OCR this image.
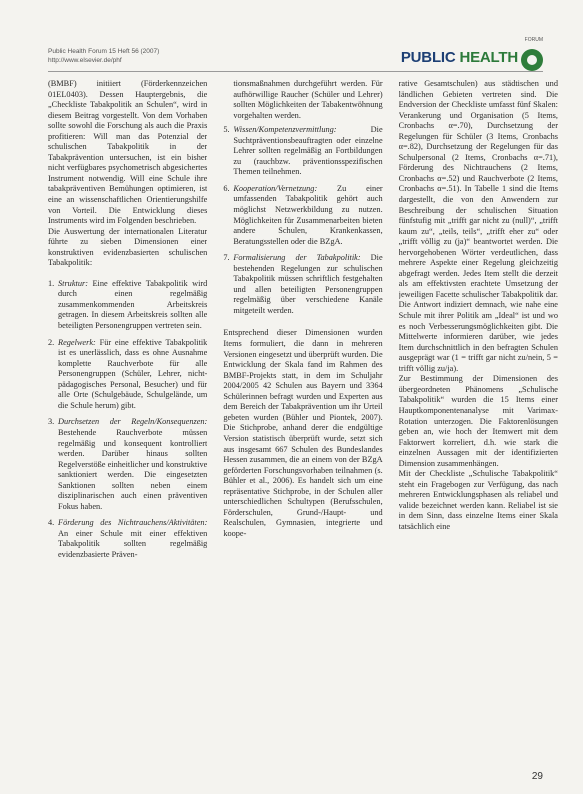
Public Health Forum 15 Heft 56 (2007)
http://www.elsevier.de/phf	PUBLIC HEALTH
FORUM

(BMBF) initiiert (Förderkennzeichen 01EL0403). Dessen Hauptergebnis, die „Checkliste Tabakpolitik an Schulen“, wird in diesem Beitrag vorgestellt. Von dem Vorhaben sollte sowohl die Forschung als auch die Praxis profitieren: Will man das Potenzial der schulischen Tabakpolitik in der Tabakprävention untersuchen, ist ein bisher nicht verfügbares psychometrisch abgesichertes Instrument notwendig. Will eine Schule ihre tabakpräventiven Bemühungen optimieren, ist eine an wissenschaftlichen Orientierungshilfe von Vorteil. Die Entwicklung dieses Instruments wird im Folgenden beschrieben.

Die Auswertung der internationalen Literatur führte zu sieben Dimensionen einer konstruktiven evidenzbasierten schulischen Tabakpolitik:

1. Struktur: Eine effektive Tabakpolitik wird durch einen regelmäßig zusammenkommenden Arbeitskreis getragen. In diesem Arbeitskreis sollten alle beteiligten Personengruppen vertreten sein.
2. Regelwerk: Für eine effektive Tabakpolitik ist es unerlässlich, dass es ohne Ausnahme komplette Rauchverbote für alle Personengruppen (Schüler, Lehrer, nicht-pädagogisches Personal, Besucher) und für alle Orte (Schulgebäude, Schulgelände, um die Schule herum) gibt.
3. Durchsetzen der Regeln/Konsequenzen: Bestehende Rauchverbote müssen regelmäßig und konsequent kontrolliert werden. Darüber hinaus sollten Regelverstöße einheitlicher und konstruktive sanktioniert werden. Die eingesetzten Sanktionen sollten neben einem disziplinarischen auch einen präventiven Fokus haben.
4. Förderung des Nichtrauchens/Aktivitäten: An einer Schule mit einer effektiven Tabakpolitik sollten regelmäßig evidenzbasierte Präven-

tionsmaßnahmen durchgeführt werden. Für aufhörwillige Raucher (Schüler und Lehrer) sollten Möglichkeiten der Tabakentwöhnung vorgehalten werden.

5. Wissen/Kompetenzvermittlung: Die Suchtpräventionsbeauftragten oder einzelne Lehrer sollten regelmäßig an Fortbildungen zu (rauchbzw. präventionsspezifischen Themen teilnehmen.
6. Kooperation/Vernetzung: Zu einer umfassenden Tabakpolitik gehört auch möglichst Netzwerkbildung zu nutzen. Möglichkeiten für Zusammenarbeiten bieten andere Schulen, Krankenkassen, Beratungsstellen oder die BZgA.
7. Formalisierung der Tabakpolitik: Die bestehenden Regelungen zur schulischen Tabakpolitik müssen schriftlich festgehalten und allen beteiligten Personengruppen regelmäßig über verschiedene Kanäle mitgeteilt werden.

Entsprechend dieser Dimensionen wurden Items formuliert, die dann in mehreren Versionen eingesetzt und überprüft wurden. Die Entwicklung der Skala fand im Rahmen des BMBF-Projekts statt, in dem im Schuljahr 2004/2005 42 Schulen aus Bayern und 3364 Schülerinnen befragt wurden und Experten aus dem Bereich der Tabakprävention um ihr Urteil gebeten wurden (Bühler und Piontek, 2007). Die Stichprobe, anhand derer die endgültige Version statistisch überprüft wurde, setzt sich aus insgesamt 667 Schulen des Bundeslandes Hessen zusammen, die an einem von der BZgA geförderten Forschungsvorhaben teilnahmen (s. Bühler et al., 2006). Es handelt sich um eine repräsentative Stichprobe, in der Schulen aller unterschiedlichen Schultypen (Berufsschulen, Förderschulen, Grund-/Haupt- und Realschulen, Gymnasien, integrierte und koope-

rative Gesamtschulen) aus städtischen und ländlichen Gebieten vertreten sind. Die Endversion der Checkliste umfasst fünf Skalen: Verankerung und Organisation (5 Items, Cronbachs α=.70), Durchsetzung der Regelungen für Schüler (3 Items, Cronbachs α=.82), Durchsetzung der Regelungen für das Schulpersonal (2 Items, Cronbachs α=.71), Förderung des Nichtrauchens (2 Items, Cronbachs α=.52) und Rauchverbote (2 Items, Cronbachs α=.51). In Tabelle 1 sind die Items dargestellt, die von den Anwendern zur Beschreibung der schulischen Situation fünfstufig mit „trifft gar nicht zu (null)“, „trifft kaum zu“, „teils, teils“, „trifft eher zu“ oder „trifft völlig zu (ja)“ beantwortet werden. Die hervorgehobenen Wörter verdeutlichen, dass mehrere Aspekte einer Regelung gleichzeitig abgefragt werden. Jedes Item stellt die derzeit als am effektivsten erachtete Umsetzung der jeweiligen Facette schulischer Tabakpolitik dar. Die Antwort indiziert demnach, wie nahe eine Schule mit ihrer Politik am „Ideal“ ist und wo es noch Verbesserungsmöglichkeiten gibt. Die Mittelwerte informieren darüber, wie jedes Item durchschnittlich in den befragten Schulen ausgeprägt war (1 = trifft gar nicht zu/nein, 5 = trifft völlig zu/ja).

Zur Bestimmung der Dimensionen des übergeordneten Phänomens „Schulische Tabakpolitik“ wurden die 15 Items einer Hauptkomponentenanalyse mit Varimax-Rotation unterzogen. Die Faktorenlösungen geben an, wie hoch der Itemwert mit dem Faktorwert korreliert, d.h. wie stark die einzelnen Aussagen mit der identifizierten Dimension zusammenhängen.

Mit der Checkliste „Schulische Tabakpolitik“ steht ein Fragebogen zur Verfügung, das nach mehreren Entwicklungsphasen als reliabel und valide bezeichnet werden kann. Reliabel ist sie in dem Sinn, dass einzelne Items einer Skala tatsächlich eine

29
